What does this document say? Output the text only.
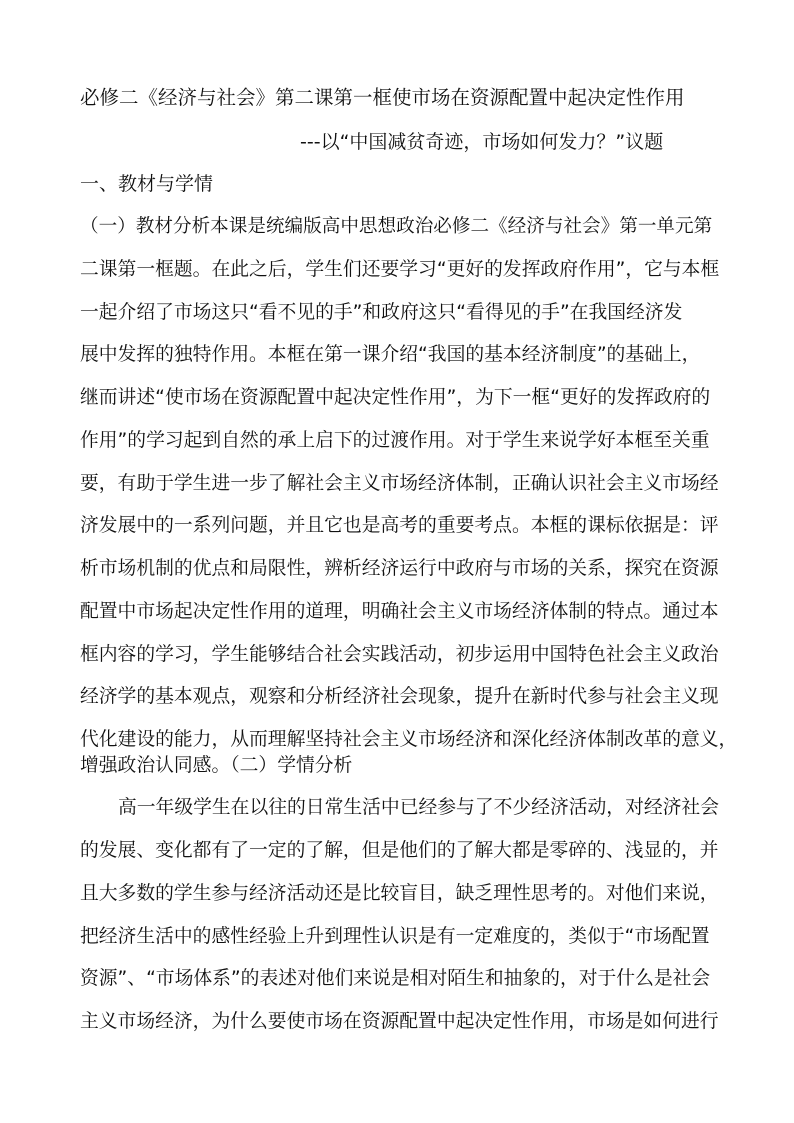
必修二《经济与社会》第二课第一框使市场在资源配置中起决定性作用
---以“中国减贫奇迹，市场如何发力？”议题
一、教材与学情
（一）教材分析本课是统编版高中思想政治必修二《经济与社会》第一单元第
二课第一框题。在此之后，学生们还要学习“更好的发挥政府作用”，它与本框
一起介绍了市场这只“看不见的手”和政府这只“看得见的手”在我国经济发
展中发挥的独特作用。本框在第一课介绍“我国的基本经济制度”的基础上，
继而讲述“使市场在资源配置中起决定性作用”，为下一框“更好的发挥政府的
作用”的学习起到自然的承上启下的过渡作用。对于学生来说学好本框至关重
要，有助于学生进一步了解社会主义市场经济体制，正确认识社会主义市场经
济发展中的一系列问题，并且它也是高考的重要考点。本框的课标依据是：评
析市场机制的优点和局限性，辨析经济运行中政府与市场的关系，探究在资源
配置中市场起决定性作用的道理，明确社会主义市场经济体制的特点。通过本
框内容的学习，学生能够结合社会实践活动，初步运用中国特色社会主义政治
经济学的基本观点，观察和分析经济社会现象，提升在新时代参与社会主义现
代化建设的能力，从而理解坚持社会主义市场经济和深化经济体制改革的意义，
增强政治认同感。（二）学情分析
高一年级学生在以往的日常生活中已经参与了不少经济活动，对经济社会
的发展、变化都有了一定的了解，但是他们的了解大都是零碎的、浅显的，并
且大多数的学生参与经济活动还是比较盲目，缺乏理性思考的。对他们来说，
把经济生活中的感性经验上升到理性认识是有一定难度的，类似于“市场配置
资源”、“市场体系”的表述对他们来说是相对陌生和抽象的，对于什么是社会
主义市场经济，为什么要使市场在资源配置中起决定性作用，市场是如何进行
